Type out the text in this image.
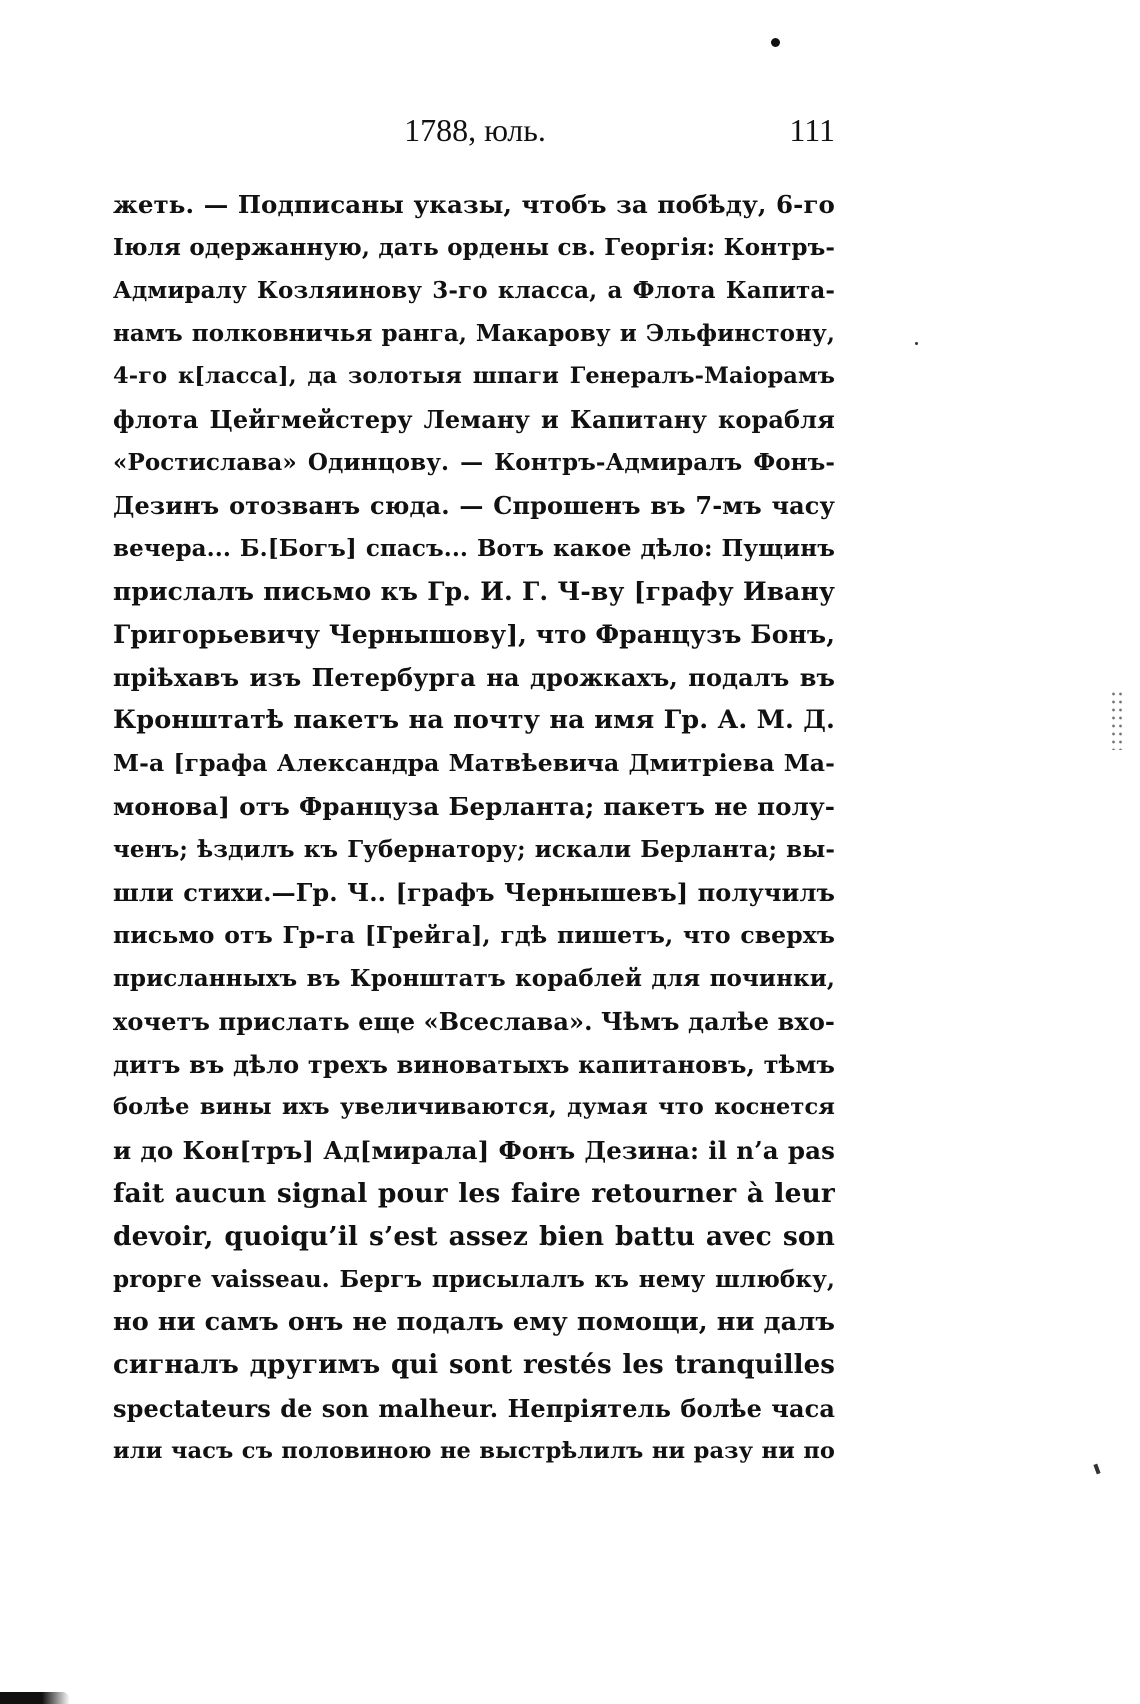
1788, юль.	111
жеть. — Подписаны указы, чтобъ за побѣду, 6-го
Іюля одержанную, дать ордены св. Георгія: Контръ-
Адмиралу Козляинову 3-го класса, а Флота Капита-
намъ полковничья ранга, Макарову и Эльфинстону,
4-го к[ласса], да золотыя шпаги Генералъ-Маіорамъ
флота Цейгмейстеру Леману и Капитану корабля
«Ростислава» Одинцову. — Контръ-Адмиралъ Фонъ-
Дезинъ отозванъ сюда. — Спрошенъ въ 7-мъ часу
вечера... Б.[Богъ] спасъ... Вотъ какое дѣло: Пущинъ
прислалъ письмо къ Гр. И. Г. Ч-ву [графу Ивану
Григорьевичу Чернышову], что Французъ Бонъ,
пріѣхавъ изъ Петербурга на дрожкахъ, подалъ въ
Кронштатѣ пакетъ на почту на имя Гр. А. М. Д.
М-а [графа Александра Матвѣевича Дмитріева Ма-
монова] отъ Француза Берланта; пакетъ не полу-
ченъ; ѣздилъ къ Губернатору; искали Берланта; вы-
шли стихи.—Гр. Ч.. [графъ Чернышевъ] получилъ
письмо отъ Гр-га [Грейга], гдѣ пишетъ, что сверхъ
присланныхъ въ Кронштатъ кораблей для починки,
хочетъ прислать еще «Всеслава». Чѣмъ далѣе вхо-
дитъ въ дѣло трехъ виноватыхъ капитановъ, тѣмъ
болѣе вины ихъ увеличиваются, думая что коснется
и до Кон[тръ] Ад[мирала] Фонъ Дезина: il n’a pas
fait aucun signal pour les faire retourner à leur
devoir, quoiqu’il s’est assez bien battu avec son
prорге vaisseau. Бергъ присылалъ къ нему шлюбку,
но ни самъ онъ не подалъ ему помощи, ни далъ
сигналъ другимъ qui sont restés les tranquilles
spectateurs de son malheur. Непріятель болѣе часа
или часъ съ половиною не выстрѣлилъ ни разу ни по
